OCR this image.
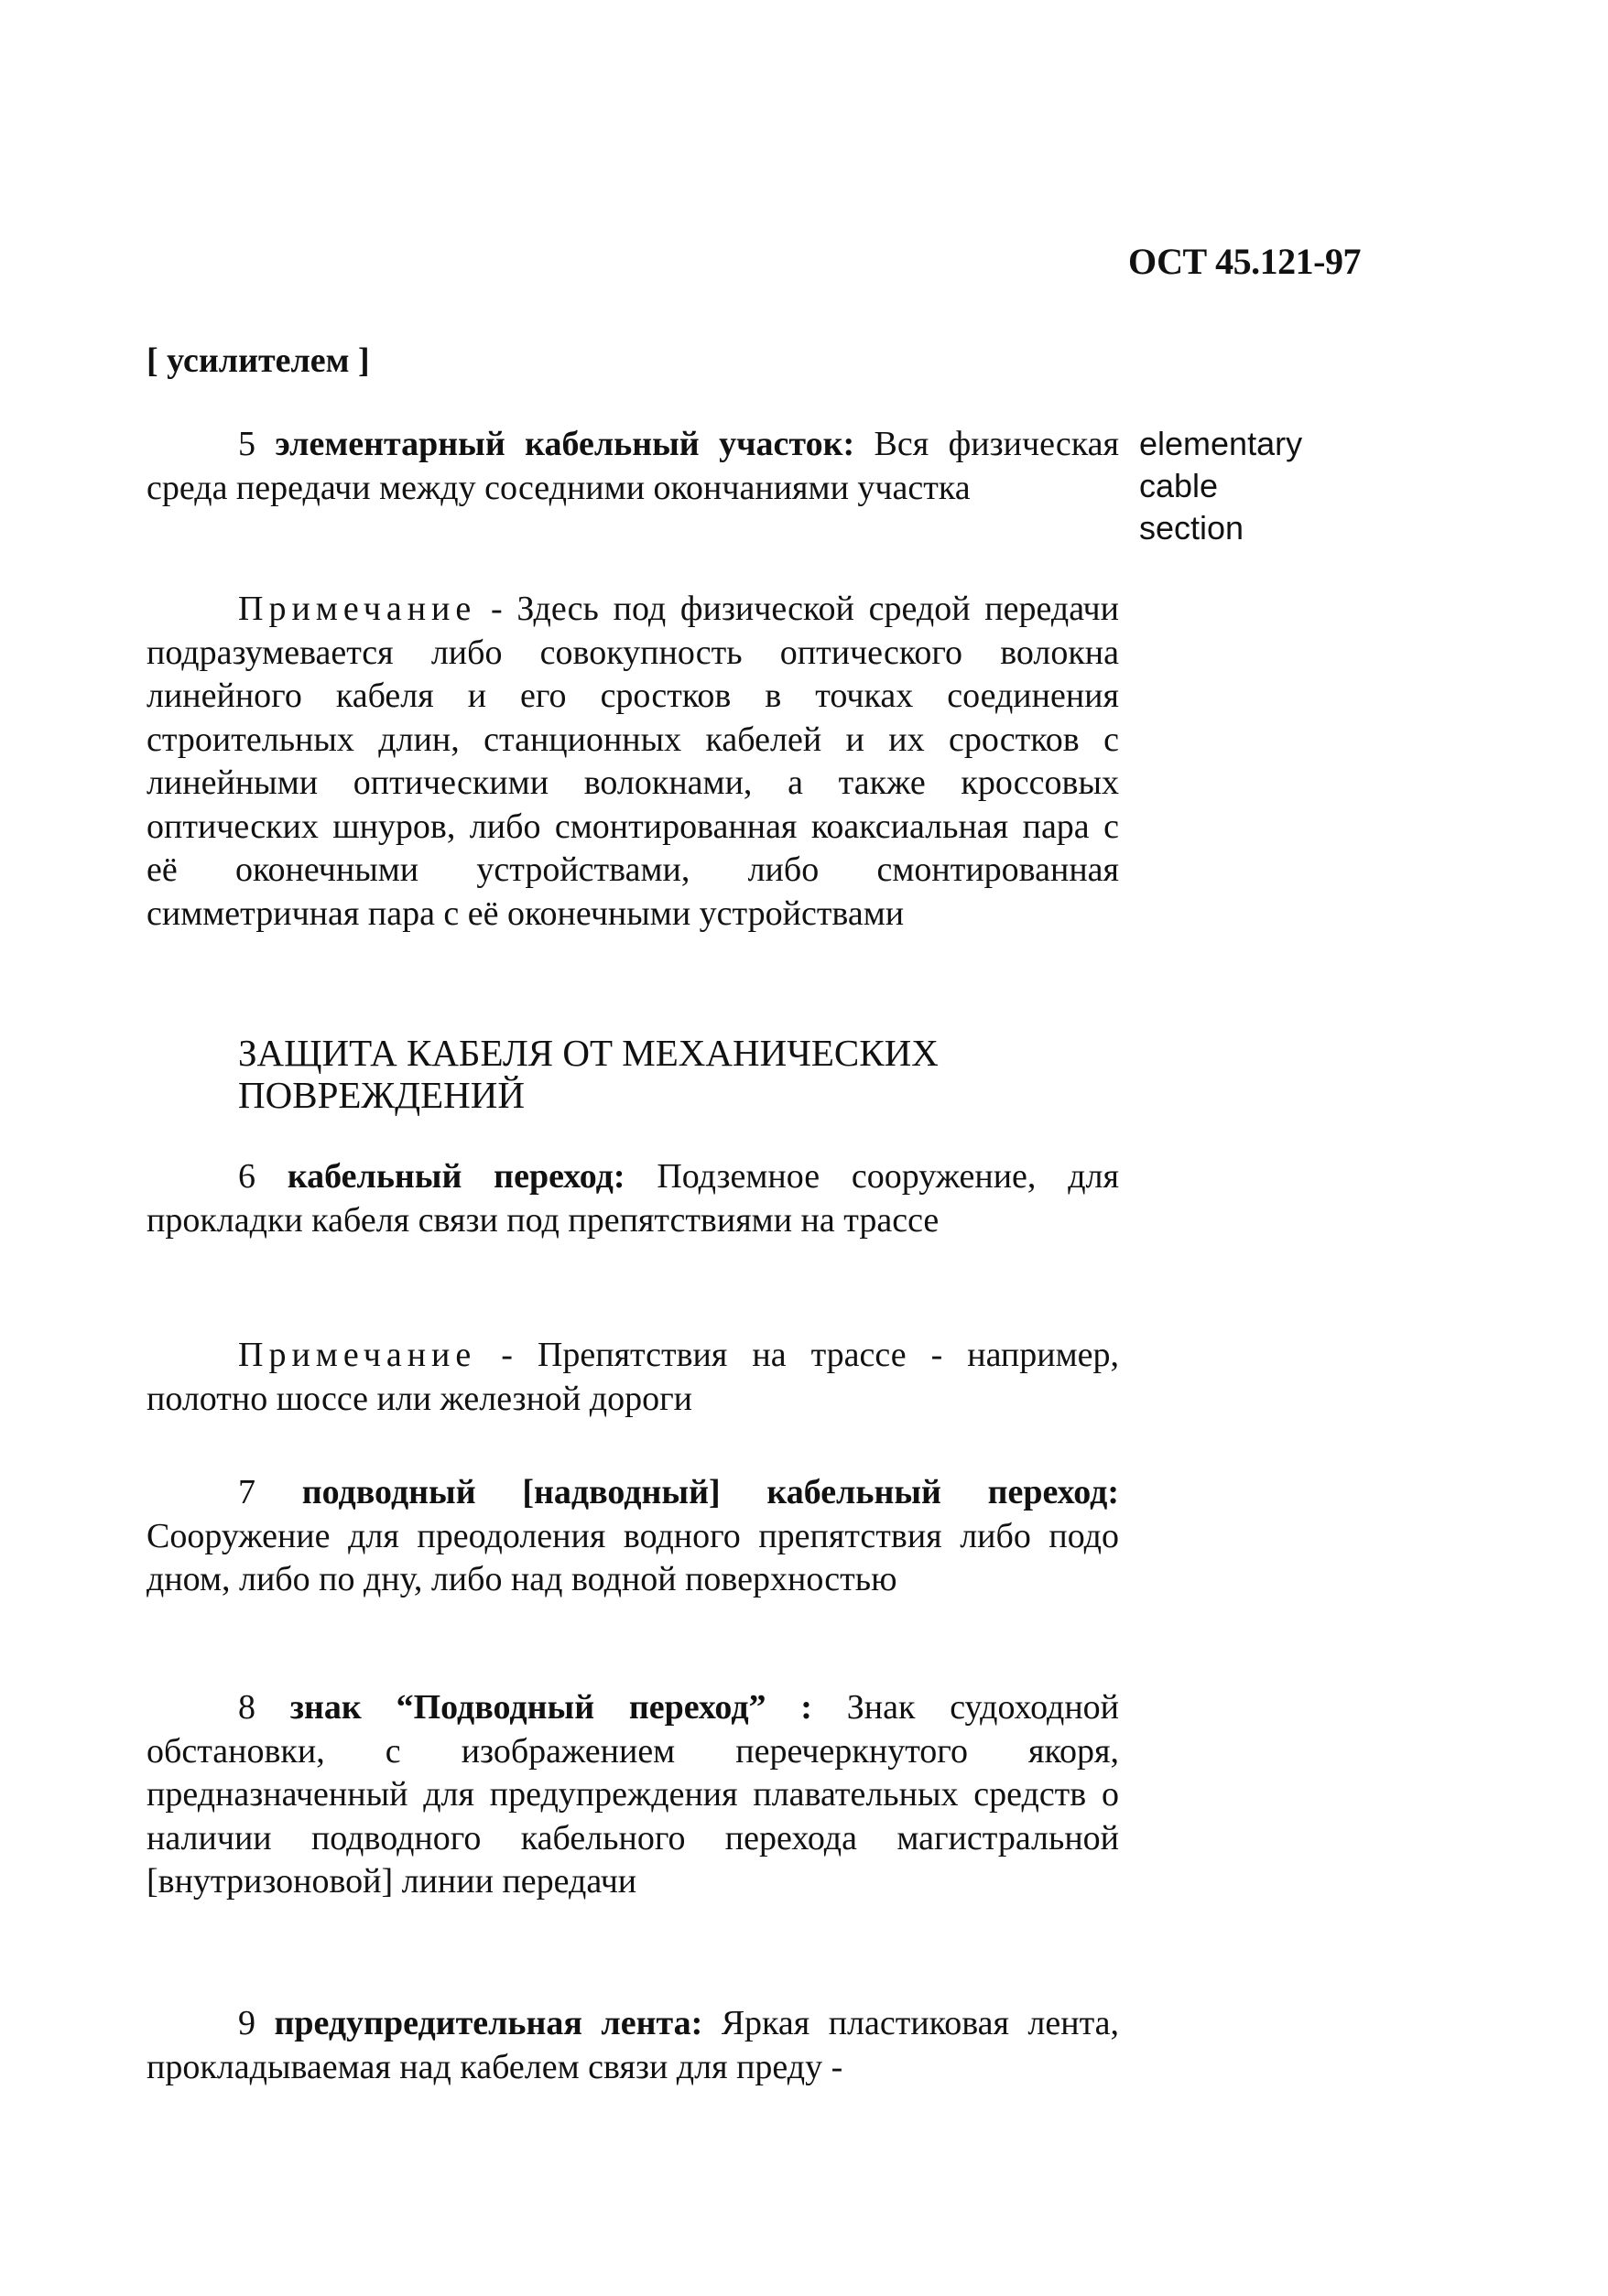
ОСТ 45.121-97
[ усилителем ]

5 элементарный кабельный участок: Вся физическая среда передачи между соседними окончаниями участка

elementary
cable
section

Примечание - Здесь под физической средой передачи подразумевается либо совокупность оптического волокна линейного кабеля и его сростков в точках соединения строительных длин, станционных кабелей и их сростков с линейными оптическими волокнами, а также кроссовых оптических шнуров, либо смонтированная коаксиальная пара с её оконечными устройствами, либо смонтированная симметричная пара с её оконечными устройствами

ЗАЩИТА КАБЕЛЯ ОТ МЕХАНИЧЕСКИХ
ПОВРЕЖДЕНИЙ

6 кабельный переход: Подземное сооружение, для прокладки кабеля связи под препятствиями на трассе

Примечание - Препятствия на трассе - например, полотно шоссе или железной дороги

7 подводный [надводный] кабельный переход: Сооружение для преодоления водного препятствия либо подо дном, либо по дну, либо над водной поверхностью

8 знак “Подводный переход” : Знак судоходной обстановки, с изображением перечеркнутого якоря, предназначенный для предупреждения плавательных средств о наличии подводного кабельного перехода магистральной [внутризоновой] линии передачи

9 предупредительная лента: Яркая пластиковая лента, прокладываемая над кабелем связи для преду -
